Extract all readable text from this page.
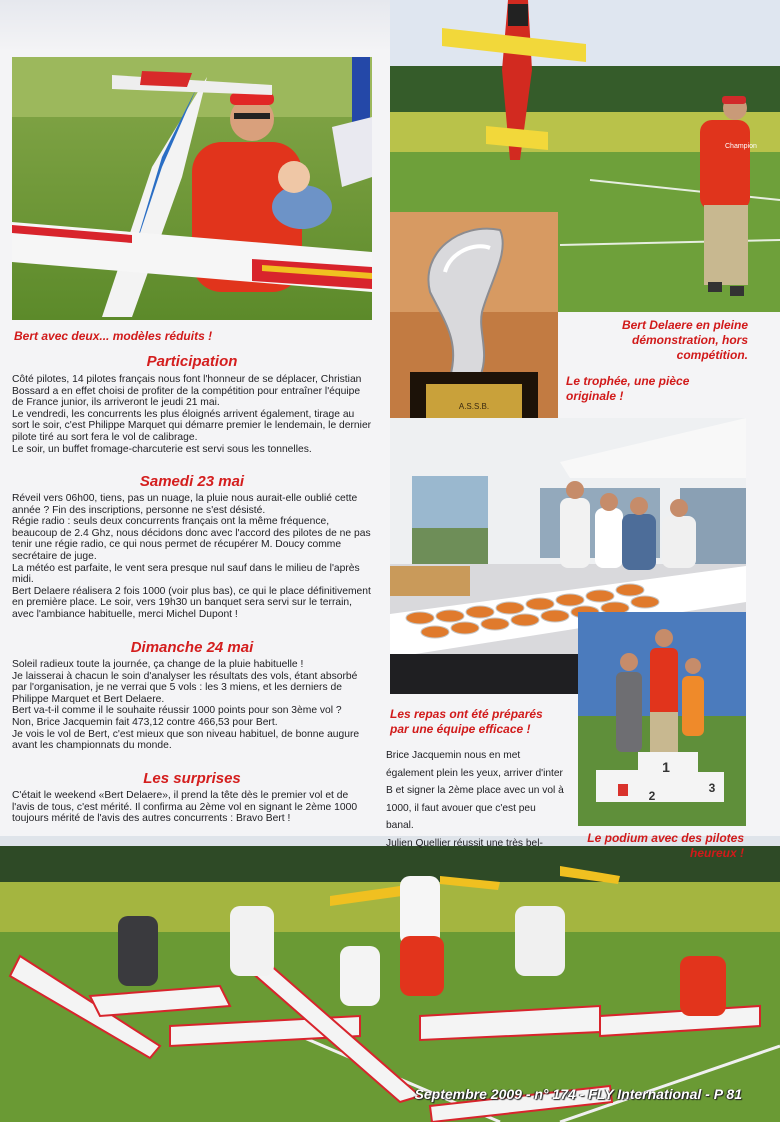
Champion
A.S.S.B.
1
2
3
Bert avec deux... modèles réduits !
Bert Delaere en pleine
démonstration, hors
compétition.
Le trophée, une pièce
originale !
Les repas ont été préparés
par une équipe efficace !
Le podium avec des pilotes
heureux !
Participation
Côté pilotes, 14 pilotes français nous font l'honneur de se déplacer, Christian Bossard a en effet choisi de profiter de la compétition pour entraîner l'équipe de France junior, ils arriveront le jeudi 21 mai.
Le vendredi, les concurrents les plus éloignés arrivent également, tirage au sort le soir, c'est Philippe Marquet qui démarre premier le lendemain, le dernier pilote tiré au sort fera le vol de calibrage.
Le soir, un buffet fromage-charcuterie est servi sous les tonnelles.
Samedi 23 mai
Réveil vers 06h00, tiens, pas un nuage, la pluie nous aurait-elle oublié cette année ? Fin des inscriptions, personne ne s'est désisté.
Régie radio : seuls deux concurrents français ont la même fréquence, beaucoup de 2.4 Ghz, nous décidons donc avec l'accord des pilotes de ne pas tenir une régie radio, ce qui nous permet de récupérer M. Doucy comme secrétaire de juge.
La météo est parfaite, le vent sera presque nul sauf dans le milieu de l'après midi.
Bert Delaere réalisera 2 fois 1000 (voir plus bas), ce qui le place définitivement en première place. Le soir, vers 19h30 un banquet sera servi sur le terrain, avec l'ambiance habituelle, merci Michel Dupont !
Dimanche 24 mai
Soleil radieux toute la journée, ça change de la pluie habituelle !
Je laisserai à chacun le soin d'analyser les résultats des vols, étant absorbé par l'organisation, je ne verrai que 5 vols : les 3 miens, et les derniers de Philippe Marquet et Bert Delaere.
Bert va-t-il comme il le souhaite réussir 1000 points pour son 3ème vol ?
Non, Brice Jacquemin fait 473,12 contre 466,53 pour Bert.
Je vois le vol de Bert, c'est mieux que son niveau habituel, de bonne augure avant les championnats du monde.
Les surprises
C'était le weekend «Bert Delaere», il prend la tête dès le premier vol et de l'avis de tous, c'est mérité. Il confirma au 2ème vol en signant le 2ème 1000 toujours mérité de l'avis des autres concurrents : Bravo Bert !
Brice Jacquemin nous en met également plein les yeux, arriver d'inter B et signer la 2ème place avec un vol à 1000, il faut avouer que c'est peu banal.
Julien Quellier réussit une très bel-
Septembre 2009 - n° 174 - FLY International - P 81
